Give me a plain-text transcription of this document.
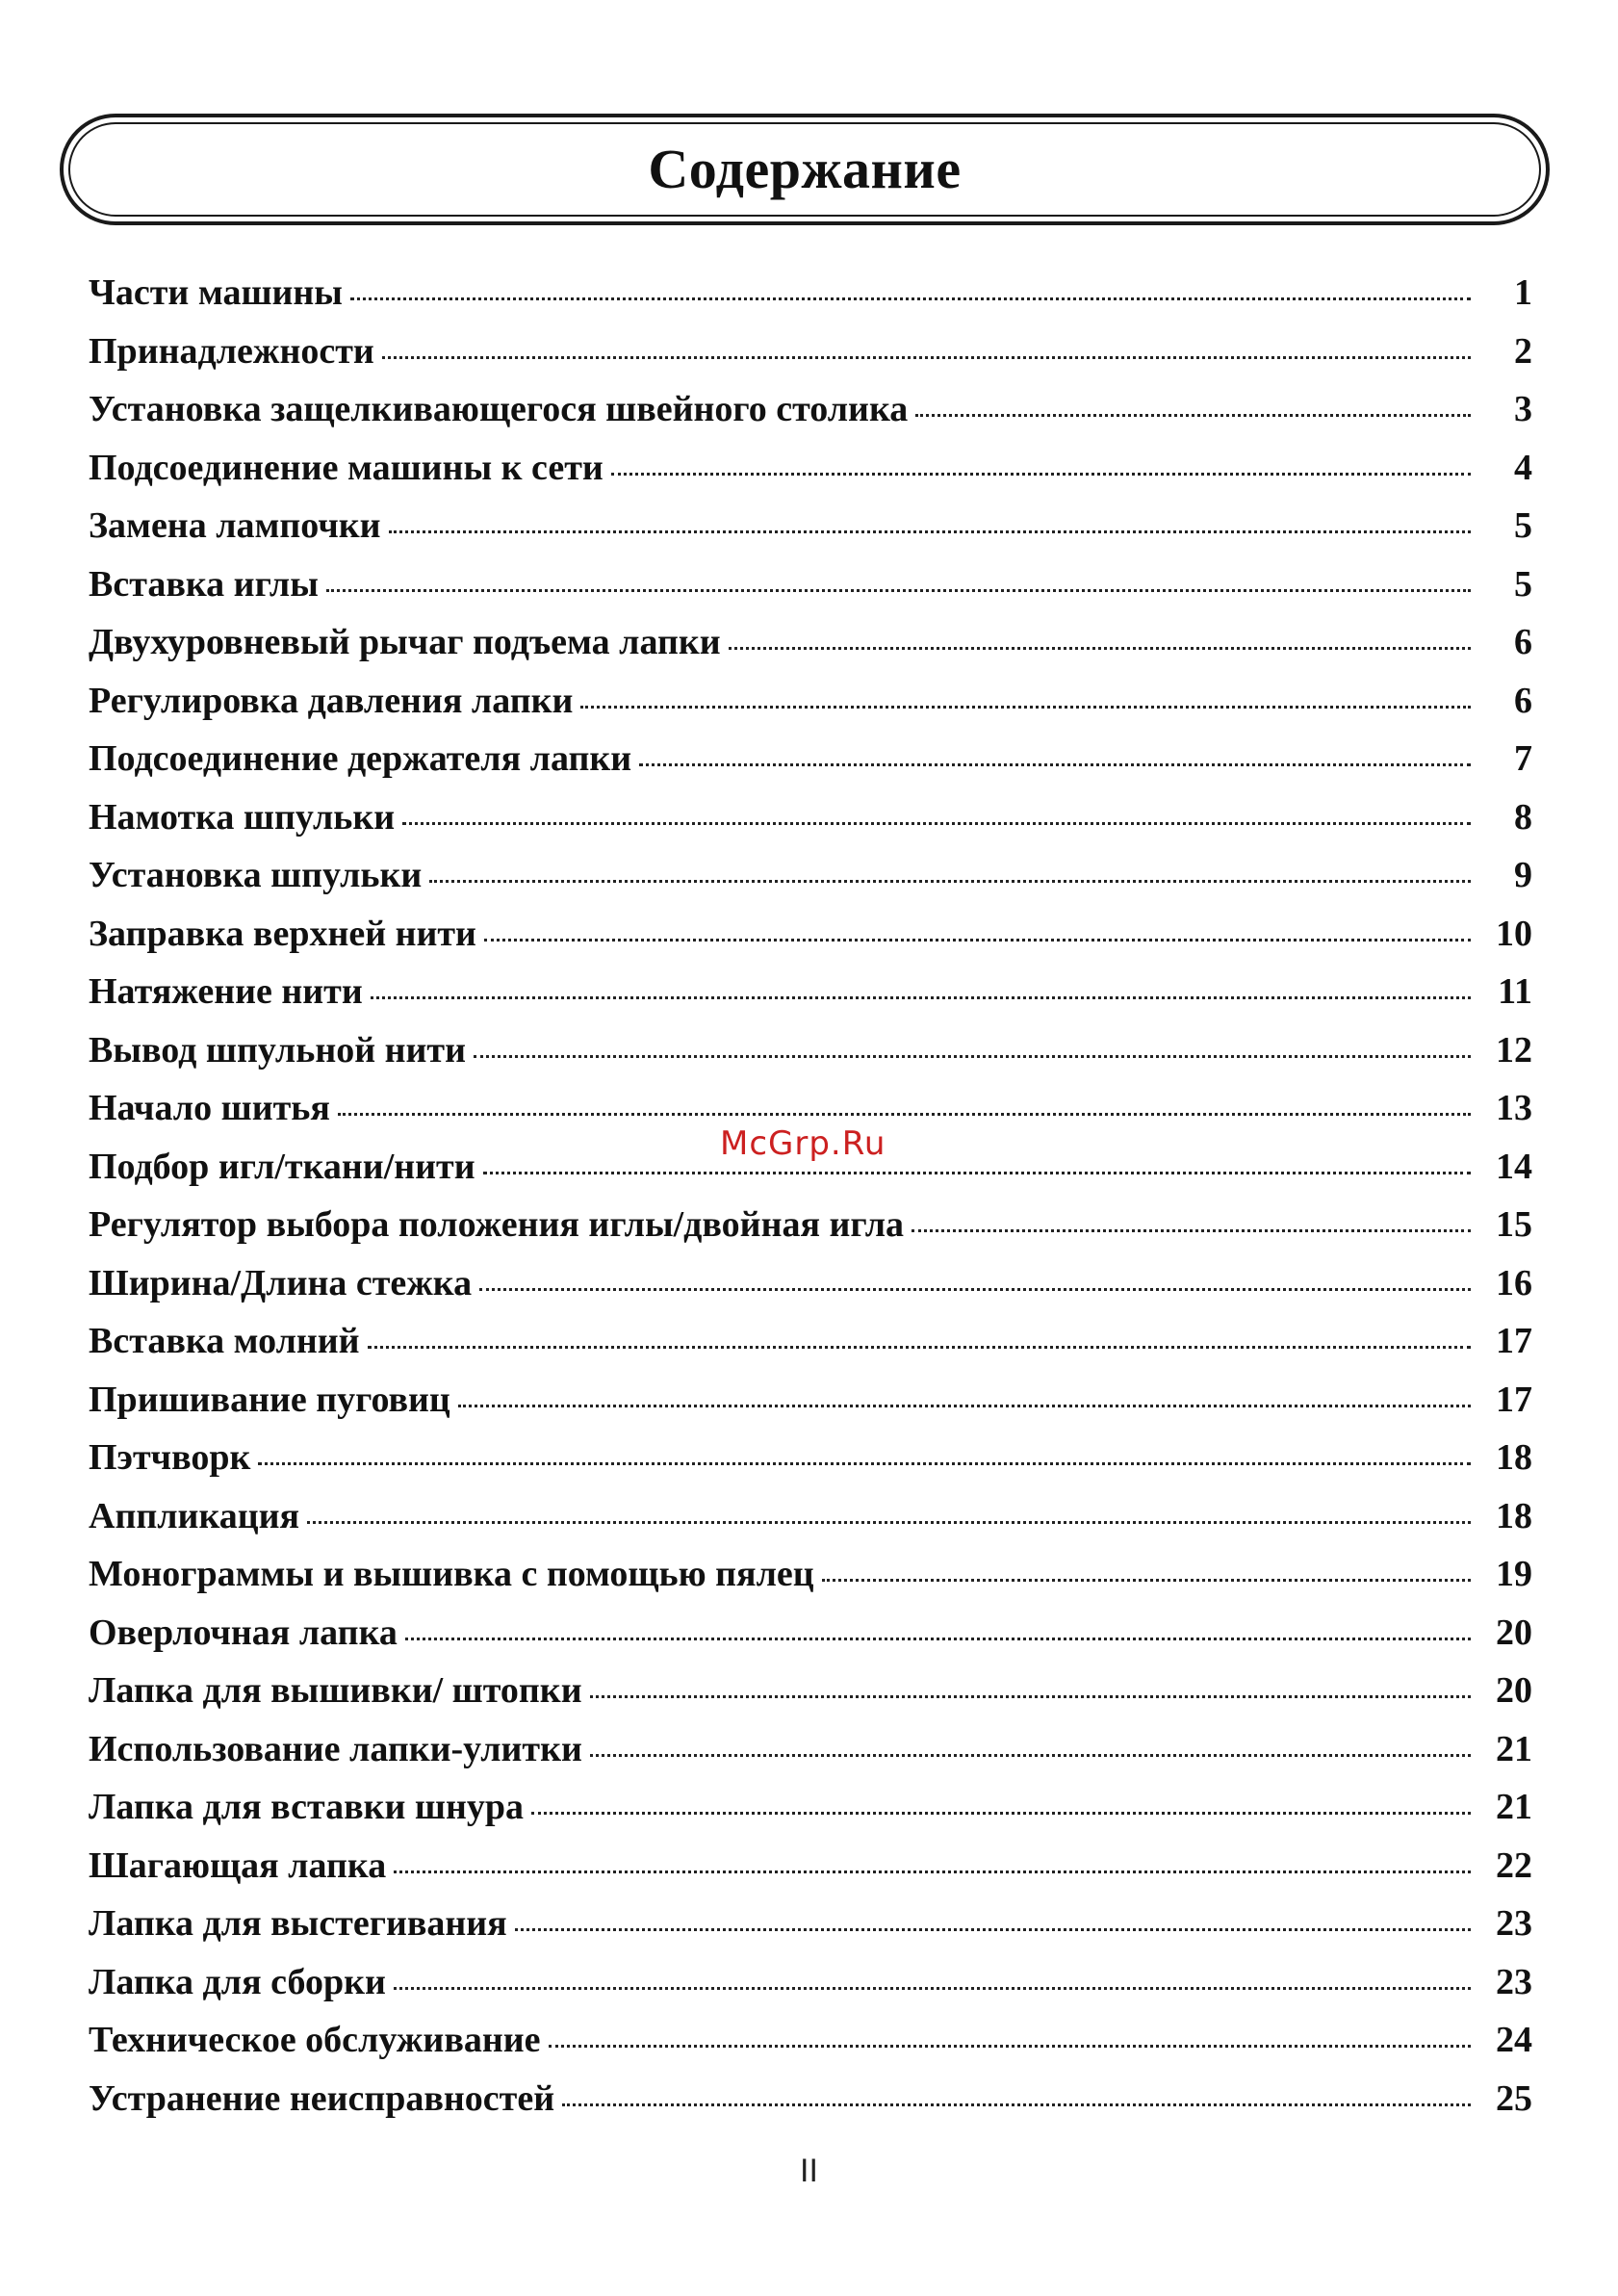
Содержание
Части машины	1
Принадлежности	2
Установка защелкивающегося швейного столика	3
Подсоединение машины к сети	4
Замена лампочки	5
Вставка иглы	5
Двухуровневый рычаг подъема лапки	6
Регулировка давления лапки	6
Подсоединение держателя лапки	7
Намотка шпульки	8
Установка шпульки	9
Заправка верхней нити	10
Натяжение нити	11
Вывод шпульной нити	12
Начало шитья	13
Подбор игл/ткани/нити	14
Регулятор выбора положения иглы/двойная игла	15
Ширина/Длина стежка	16
Вставка молний	17
Пришивание пуговиц	17
Пэтчворк	18
Аппликация	18
Монограммы и вышивка с помощью пялец	19
Оверлочная лапка	20
Лапка для вышивки/ штопки	20
Использование лапки-улитки	21
Лапка для вставки шнура	21
Шагающая лапка	22
Лапка для выстегивания	23
Лапка для сборки	23
Техническое обслуживание	24
Устранение неисправностей	25
McGrp.Ru
II
